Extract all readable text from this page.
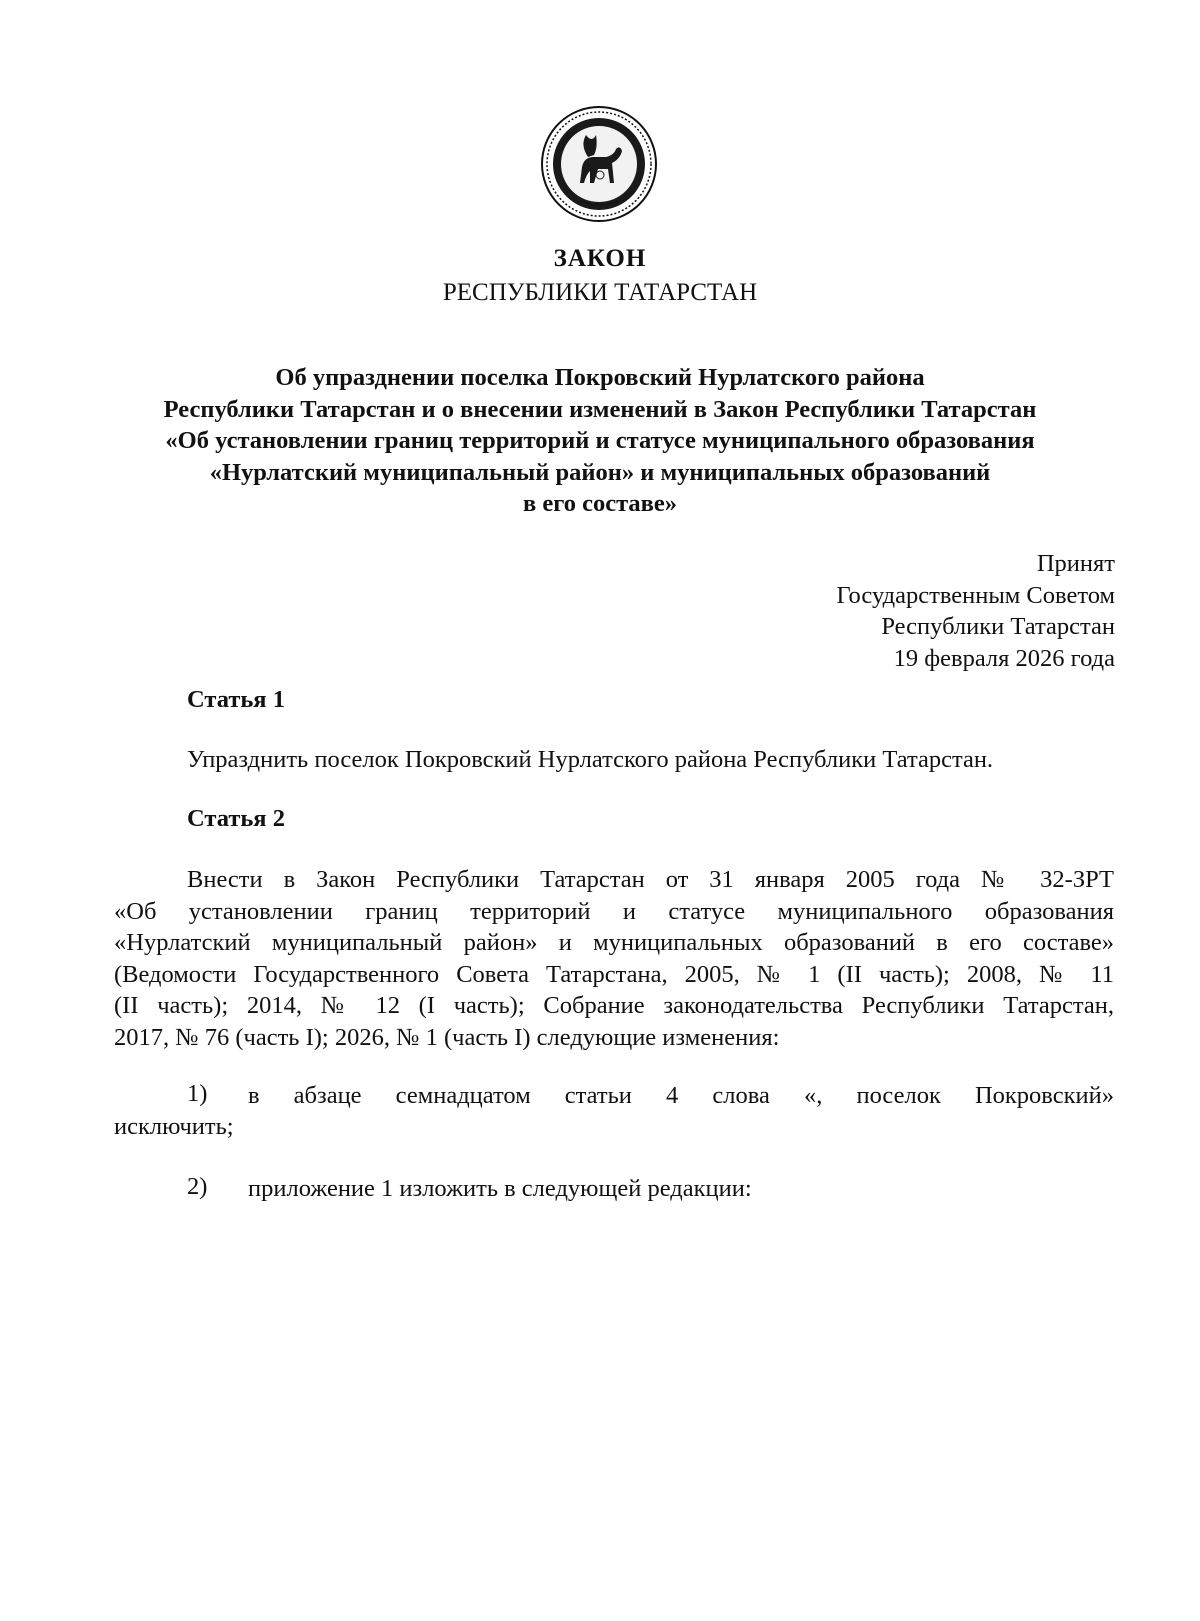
ЗАКОН
РЕСПУБЛИКИ ТАТАРСТАН
Об упразднении поселка Покровский Нурлатского района
Республики Татарстан и о внесении изменений в Закон Республики Татарстан
«Об установлении границ территорий и статусе муниципального образования
«Нурлатский муниципальный район» и муниципальных образований
в его составе»
Принят
Государственным Советом
Республики Татарстан
19 февраля 2026 года
Статья 1
Упразднить поселок Покровский Нурлатского района Республики Татарстан.
Статья 2
Внести в Закон Республики Татарстан от 31 января 2005 года № 32-ЗРТ
«Об установлении границ территорий и статусе муниципального образования
«Нурлатский муниципальный район» и муниципальных образований в его составе»
(Ведомости Государственного Совета Татарстана, 2005, № 1 (II часть); 2008, № 11
(II часть); 2014, № 12 (I часть); Собрание законодательства Республики Татарстан,
2017, № 76 (часть I); 2026, № 1 (часть I) следующие изменения:
1) в абзаце семнадцатом статьи 4 слова «, поселок Покровский»
исключить;
2) приложение 1 изложить в следующей редакции:
